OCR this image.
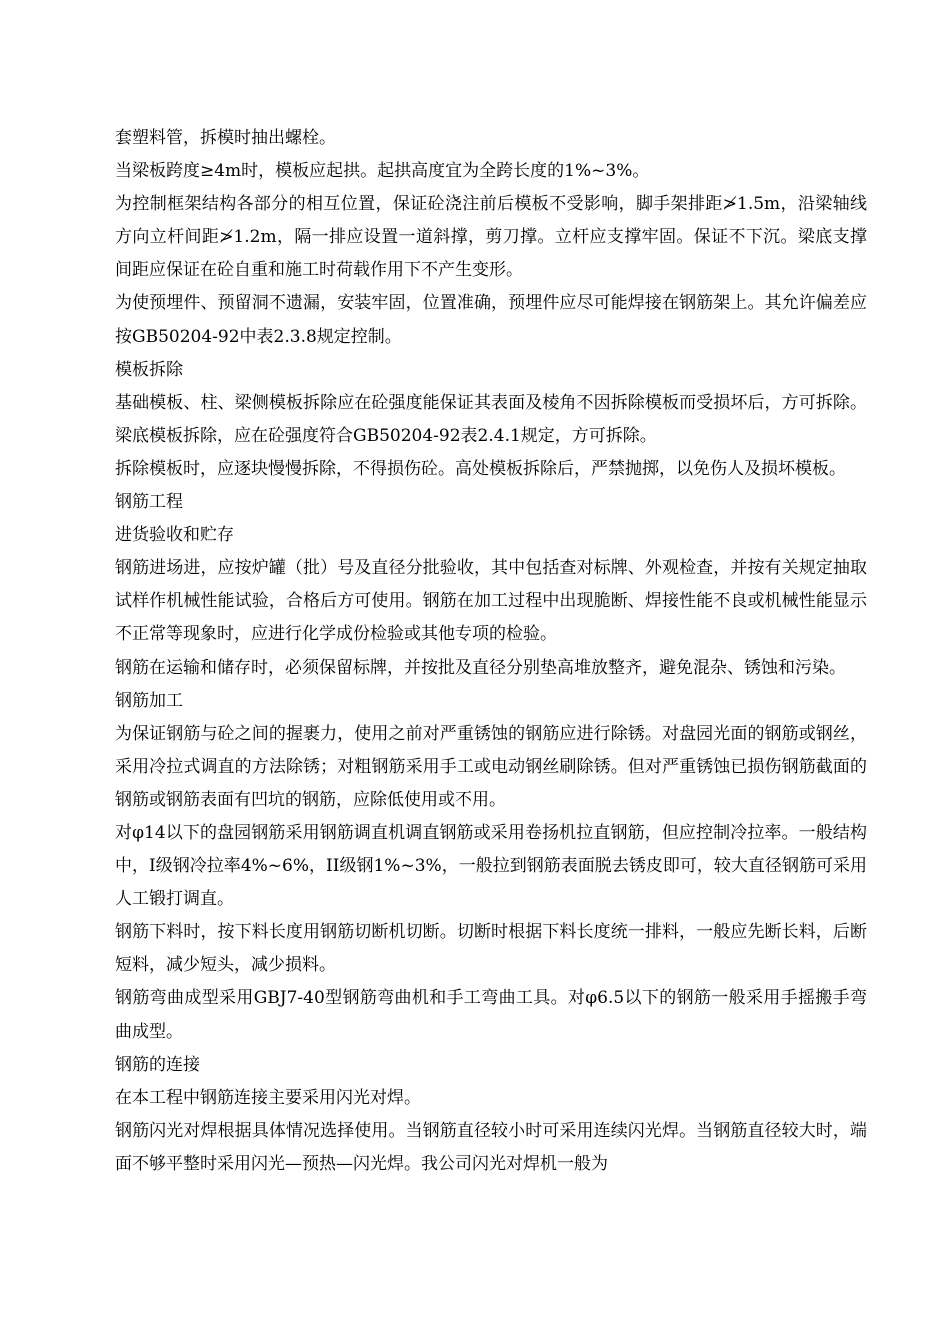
套塑料管，拆模时抽出螺栓。

当梁板跨度≥4m时，模板应起拱。起拱高度宜为全跨长度的1%~3%。

为控制框架结构各部分的相互位置，保证砼浇注前后模板不受影响，脚手架排距≯1.5m，沿梁轴线方向立杆间距≯1.2m，隔一排应设置一道斜撑，剪刀撑。立杆应支撑牢固。保证不下沉。梁底支撑间距应保证在砼自重和施工时荷载作用下不产生变形。

为使预埋件、预留洞不遗漏，安装牢固，位置准确，预埋件应尽可能焊接在钢筋架上。其允许偏差应按GB50204-92中表2.3.8规定控制。

模板拆除

基础模板、柱、梁侧模板拆除应在砼强度能保证其表面及棱角不因拆除模板而受损坏后，方可拆除。梁底模板拆除，应在砼强度符合GB50204-92表2.4.1规定，方可拆除。

拆除模板时，应逐块慢慢拆除，不得损伤砼。高处模板拆除后，严禁抛掷，以免伤人及损坏模板。

钢筋工程

进货验收和贮存

钢筋进场进，应按炉罐（批）号及直径分批验收，其中包括查对标牌、外观检查，并按有关规定抽取试样作机械性能试验，合格后方可使用。钢筋在加工过程中出现脆断、焊接性能不良或机械性能显示不正常等现象时，应进行化学成份检验或其他专项的检验。

钢筋在运输和储存时，必须保留标牌，并按批及直径分别垫高堆放整齐，避免混杂、锈蚀和污染。

钢筋加工

为保证钢筋与砼之间的握裹力，使用之前对严重锈蚀的钢筋应进行除锈。对盘园光面的钢筋或钢丝，采用冷拉式调直的方法除锈；对粗钢筋采用手工或电动钢丝刷除锈。但对严重锈蚀已损伤钢筋截面的钢筋或钢筋表面有凹坑的钢筋，应除低使用或不用。

对φ14以下的盘园钢筋采用钢筋调直机调直钢筋或采用卷扬机拉直钢筋，但应控制冷拉率。一般结构中，I级钢冷拉率4%~6%，II级钢1%~3%，一般拉到钢筋表面脱去锈皮即可，较大直径钢筋可采用人工锻打调直。

钢筋下料时，按下料长度用钢筋切断机切断。切断时根据下料长度统一排料，一般应先断长料，后断短料，减少短头，减少损料。

钢筋弯曲成型采用GBJ7-40型钢筋弯曲机和手工弯曲工具。对φ6.5以下的钢筋一般采用手摇搬手弯曲成型。

钢筋的连接

在本工程中钢筋连接主要采用闪光对焊。

钢筋闪光对焊根据具体情况选择使用。当钢筋直径较小时可采用连续闪光焊。当钢筋直径较大时，端面不够平整时采用闪光—预热—闪光焊。我公司闪光对焊机一般为
